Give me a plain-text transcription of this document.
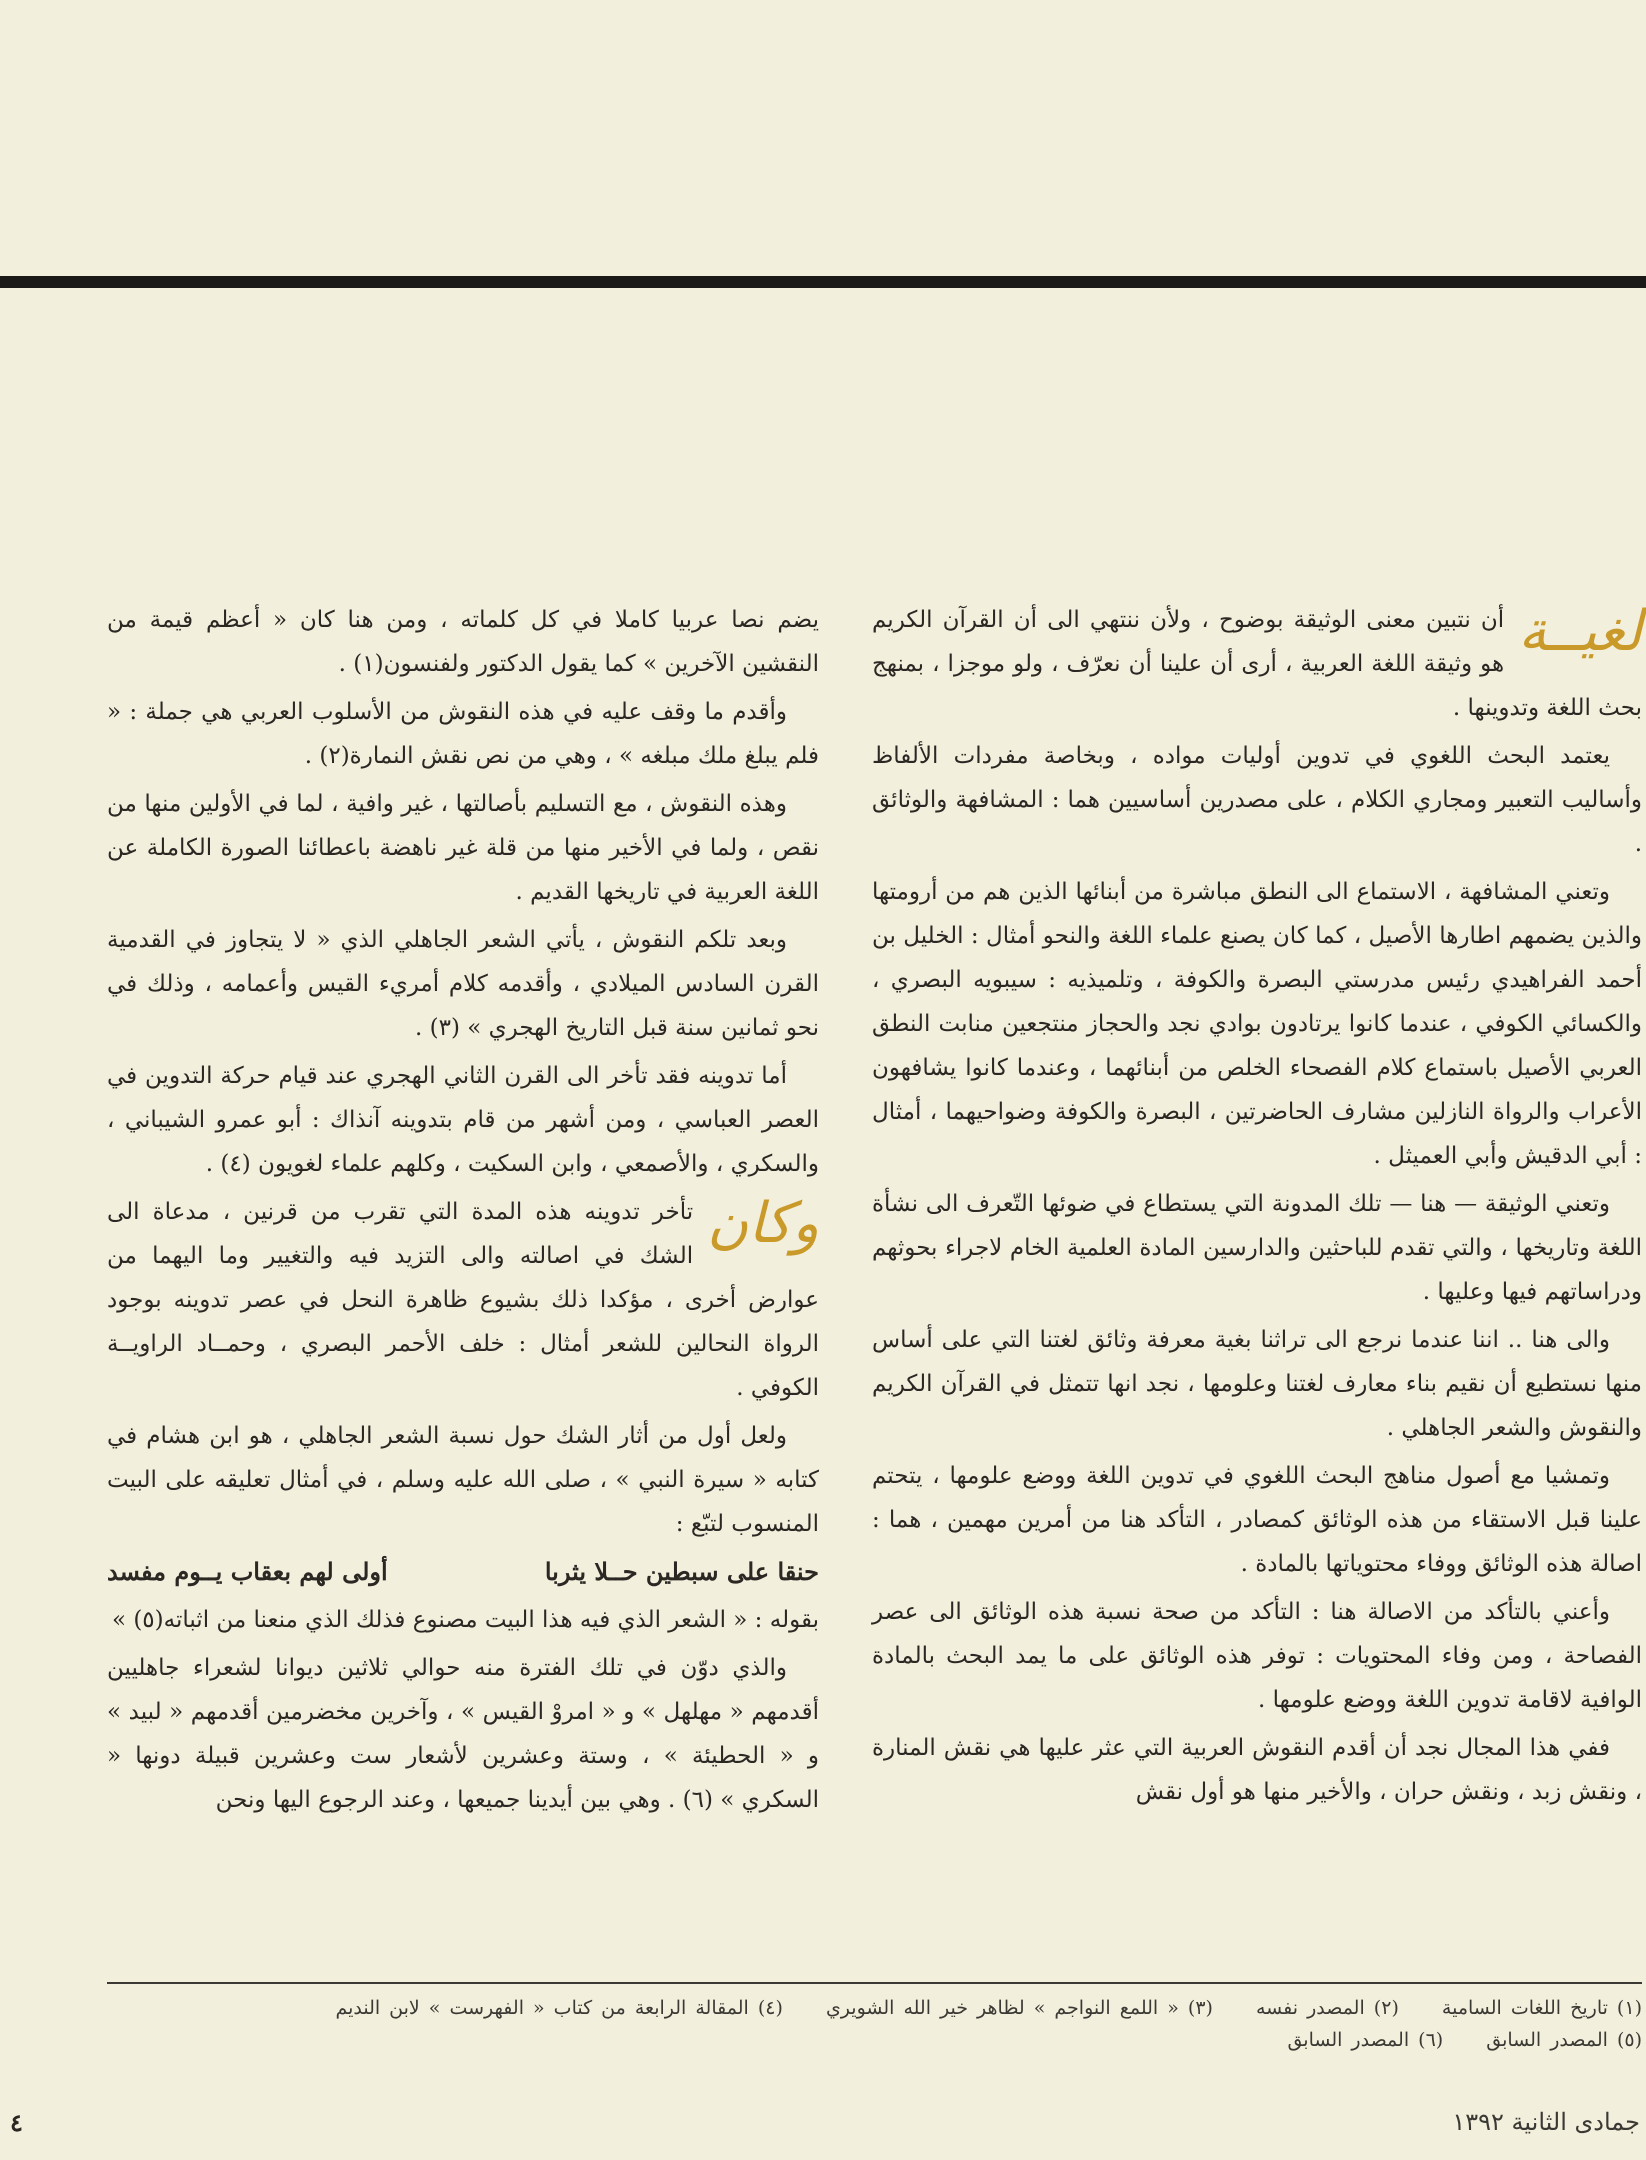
لغيــة
أن نتبين معنى الوثيقة بوضوح ، ولأن ننتهي الى أن القرآن الكريم هو وثيقة اللغة العربية ، أرى أن علينا أن نعرّف ، ولو موجزا ، بمنهج بحث اللغة وتدوينها .

يعتمد البحث اللغوي في تدوين أوليات مواده ، وبخاصة مفردات الألفاظ وأساليب التعبير ومجاري الكلام ، على مصدرين أساسيين هما : المشافهة والوثائق .

وتعني المشافهة ، الاستماع الى النطق مباشرة من أبنائها الذين هم من أرومتها والذين يضمهم اطارها الأصيل ، كما كان يصنع علماء اللغة والنحو أمثال : الخليل بن أحمد الفراهيدي رئيس مدرستي البصرة والكوفة ، وتلميذيه : سيبويه البصري ، والكسائي الكوفي ، عندما كانوا يرتادون بوادي نجد والحجاز منتجعين منابت النطق العربي الأصيل باستماع كلام الفصحاء الخلص من أبنائهما ، وعندما كانوا يشافهون الأعراب والرواة النازلين مشارف الحاضرتين ، البصرة والكوفة وضواحيهما ، أمثال : أبي الدقيش وأبي العميثل .

وتعني الوثيقة — هنا — تلك المدونة التي يستطاع في ضوئها التّعرف الى نشأة اللغة وتاريخها ، والتي تقدم للباحثين والدارسين المادة العلمية الخام لاجراء بحوثهم ودراساتهم فيها وعليها .

والى هنا .. اننا عندما نرجع الى تراثنا بغية معرفة وثائق لغتنا التي على أساس منها نستطيع أن نقيم بناء معارف لغتنا وعلومها ، نجد انها تتمثل في القرآن الكريم والنقوش والشعر الجاهلي .

وتمشيا مع أصول مناهج البحث اللغوي في تدوين اللغة ووضع علومها ، يتحتم علينا قبل الاستقاء من هذه الوثائق كمصادر ، التأكد هنا من أمرين مهمين ، هما : اصالة هذه الوثائق ووفاء محتوياتها بالمادة .

وأعني بالتأكد من الاصالة هنا : التأكد من صحة نسبة هذه الوثائق الى عصر الفصاحة ، ومن وفاء المحتويات : توفر هذه الوثائق على ما يمد البحث بالمادة الوافية لاقامة تدوين اللغة ووضع علومها .

ففي هذا المجال نجد أن أقدم النقوش العربية التي عثر عليها هي نقش المنارة ، ونقش زبد ، ونقش حران ، والأخير منها هو أول نقش

يضم نصا عربيا كاملا في كل كلماته ، ومن هنا كان « أعظم قيمة من النقشين الآخرين » كما يقول الدكتور ولفنسون(١) .

وأقدم ما وقف عليه في هذه النقوش من الأسلوب العربي هي جملة : « فلم يبلغ ملك مبلغه » ، وهي من نص نقش النمارة(٢) .

وهذه النقوش ، مع التسليم بأصالتها ، غير وافية ، لما في الأولين منها من نقص ، ولما في الأخير منها من قلة غير ناهضة باعطائنا الصورة الكاملة عن اللغة العربية في تاريخها القديم .

وبعد تلكم النقوش ، يأتي الشعر الجاهلي الذي « لا يتجاوز في القدمية القرن السادس الميلادي ، وأقدمه كلام أمريء القيس وأعمامه ، وذلك في نحو ثمانين سنة قبل التاريخ الهجري » (٣) .

أما تدوينه فقد تأخر الى القرن الثاني الهجري عند قيام حركة التدوين في العصر العباسي ، ومن أشهر من قام بتدوينه آنذاك : أبو عمرو الشيباني ، والسكري ، والأصمعي ، وابن السكيت ، وكلهم علماء لغويون (٤) .

وكان
تأخر تدوينه هذه المدة التي تقرب من قرنين ، مدعاة الى الشك في اصالته والى التزيد فيه والتغيير وما اليهما من عوارض أخرى ، مؤكدا ذلك بشيوع ظاهرة النحل في عصر تدوينه بوجود الرواة النحالين للشعر أمثال : خلف الأحمر البصري ، وحمــاد الراويــة الكوفي .

ولعل أول من أثار الشك حول نسبة الشعر الجاهلي ، هو ابن هشام في كتابه « سيرة النبي » ، صلى الله عليه وسلم ، في أمثال تعليقه على البيت المنسوب لتبّع :

حنقا على سبطين حــلا يثربا
أولى لهم بعقاب يــوم مفسد

بقوله : « الشعر الذي فيه هذا البيت مصنوع فذلك الذي منعنا من اثباته(٥) »

والذي دوّن في تلك الفترة منه حوالي ثلاثين ديوانا لشعراء جاهليين أقدمهم « مهلهل » و « امروْ القيس » ، وآخرين مخضرمين أقدمهم « لبيد » و « الحطيئة » ، وستة وعشرين لأشعار ست وعشرين قبيلة دونها « السكري » (٦) . وهي بين أيدينا جميعها ، وعند الرجوع اليها ونحن

(١) تاريخ اللغات السامية (٢) المصدر نفسه (٣) « اللمع النواجم » لظاهر خير الله الشويري (٤) المقالة الرابعة من كتاب « الفهرست » لابن النديم
(٥) المصدر السابق (٦) المصدر السابق
جمادى الثانية ١٣٩٢
٤
